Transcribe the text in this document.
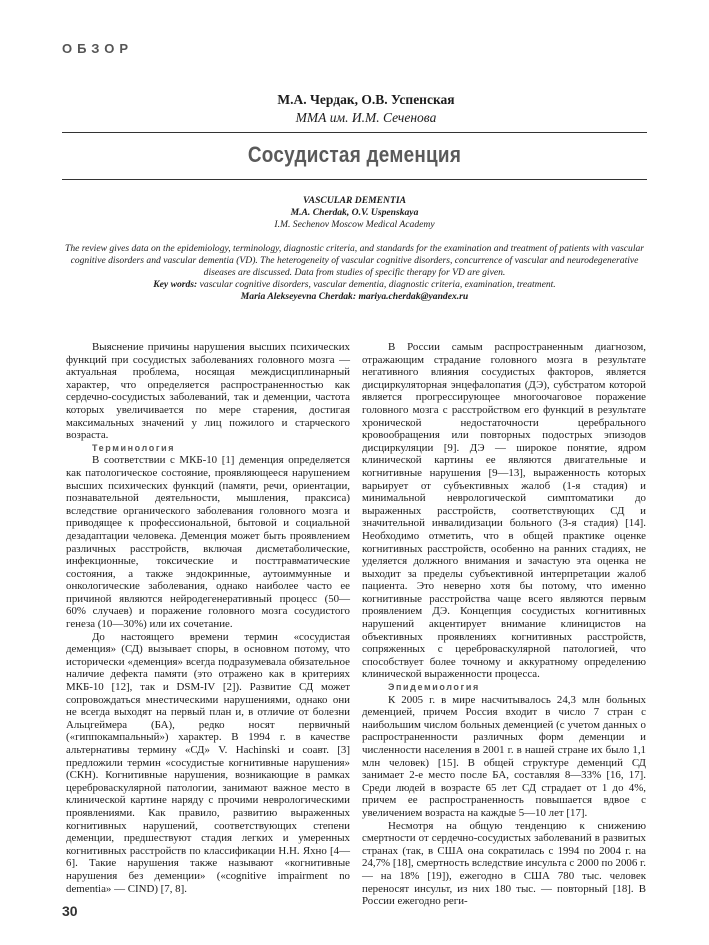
ОБЗОР
М.А. Чердак, О.В. Успенская
ММА им. И.М. Сеченова
Сосудистая деменция
VASCULAR DEMENTIA
M.A. Cherdak, O.V. Uspenskaya
I.M. Sechenov Moscow Medical Academy
The review gives data on the epidemiology, terminology, diagnostic criteria, and standards for the examination and treatment of patients with vascular cognitive disorders and vascular dementia (VD). The heterogeneity of vascular cognitive disorders, concurrence of vascular and neurodegenerative diseases are discussed. Data from studies of specific therapy for VD are given.
Key words: vascular cognitive disorders, vascular dementia, diagnostic criteria, examination, treatment.
Maria Alekseyevna Cherdak: mariya.cherdak@yandex.ru

Выяснение причины нарушения высших психических функций при сосудистых заболеваниях головного мозга — актуальная проблема, носящая междисциплинарный характер, что определяется распространенностью как сердечно-сосудистых заболеваний, так и деменции, частота которых увеличивается по мере старения, достигая максимальных значений у лиц пожилого и старческого возраста.

Терминология

В соответствии с МКБ-10 [1] деменция определяется как патологическое состояние, проявляющееся нарушением высших психических функций (памяти, речи, ориентации, познавательной деятельности, мышления, праксиса) вследствие органического заболевания головного мозга и приводящее к профессиональной, бытовой и социальной дезадаптации человека. Деменция может быть проявлением различных расстройств, включая дисметаболические, инфекционные, токсические и посттравматические состояния, а также эндокринные, аутоиммунные и онкологические заболевания, однако наиболее часто ее причиной являются нейродегенеративный процесс (50—60% случаев) и поражение головного мозга сосудистого генеза (10—30%) или их сочетание.

До настоящего времени термин «сосудистая деменция» (СД) вызывает споры, в основном потому, что исторически «деменция» всегда подразумевала обязательное наличие дефекта памяти (это отражено как в критериях МКБ-10 [12], так и DSM-IV [2]). Развитие СД может сопровождаться мнестическими нарушениями, однако они не всегда выходят на первый план и, в отличие от болезни Альцгеймера (БА), редко носят первичный («гиппокампальный») характер. В 1994 г. в качестве альтернативы термину «СД» V. Hachinski и соавт. [3] предложили термин «сосудистые когнитивные нарушения» (СКН). Когнитивные нарушения, возникающие в рамках цереброваскулярной патологии, занимают важное место в клинической картине наряду с прочими неврологическими проявлениями. Как правило, развитию выраженных когнитивных нарушений, соответствующих степени деменции, предшествуют стадия легких и умеренных когнитивных расстройств по классификации Н.Н. Яхно [4—6]. Такие нарушения также называют «когнитивные нарушения без деменции» («cognitive impairment no dementia» — CIND) [7, 8].

В России самым распространенным диагнозом, отражающим страдание головного мозга в результате негативного влияния сосудистых факторов, является дисциркуляторная энцефалопатия (ДЭ), субстратом которой является прогрессирующее многоочаговое поражение головного мозга с расстройством его функций в результате хронической недостаточности церебрального кровообращения или повторных подострых эпизодов дисциркуляции [9]. ДЭ — широкое понятие, ядром клинической картины ее являются двигательные и когнитивные нарушения [9—13], выраженность которых варьирует от субъективных жалоб (1-я стадия) и минимальной неврологической симптоматики до выраженных расстройств, соответствующих СД и значительной инвалидизации больного (3-я стадия) [14]. Необходимо отметить, что в общей практике оценке когнитивных расстройств, особенно на ранних стадиях, не уделяется должного внимания и зачастую эта оценка не выходит за пределы субъективной интерпретации жалоб пациента. Это неверно хотя бы потому, что именно когнитивные расстройства чаще всего являются первым проявлением ДЭ. Концепция сосудистых когнитивных нарушений акцентирует внимание клиницистов на объективных проявлениях когнитивных расстройств, сопряженных с цереброваскулярной патологией, что способствует более точному и аккуратному определению клинической выраженности процесса.

Эпидемиология

К 2005 г. в мире насчитывалось 24,3 млн больных деменцией, причем Россия входит в число 7 стран с наибольшим числом больных деменцией (с учетом данных о распространенности различных форм деменции и численности населения в 2001 г. в нашей стране их было 1,1 млн человек) [15]. В общей структуре деменций СД занимает 2-е место после БА, составляя 8—33% [16, 17]. Среди людей в возрасте 65 лет СД страдает от 1 до 4%, причем ее распространенность повышается вдвое с увеличением возраста на каждые 5—10 лет [17].

Несмотря на общую тенденцию к снижению смертности от сердечно-сосудистых заболеваний в развитых странах (так, в США она сократилась с 1994 по 2004 г. на 24,7% [18], смертность вследствие инсульта с 2000 по 2006 г. — на 18% [19]), ежегодно в США 780 тыс. человек переносят инсульт, из них 180 тыс. — повторный [18]. В России ежегодно реги-

30
